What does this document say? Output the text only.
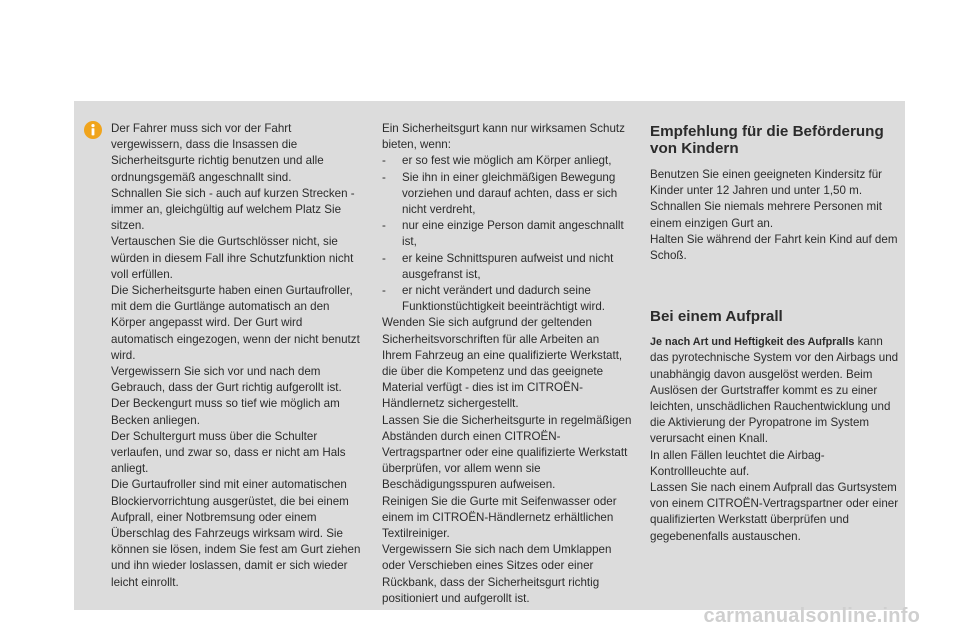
Der Fahrer muss sich vor der Fahrt vergewissern, dass die Insassen die Sicherheitsgurte richtig benutzen und alle ordnungsgemäß angeschnallt sind.

Schnallen Sie sich - auch auf kurzen Strecken - immer an, gleichgültig auf welchem Platz Sie sitzen.

Vertauschen Sie die Gurtschlösser nicht, sie würden in diesem Fall ihre Schutzfunktion nicht voll erfüllen.

Die Sicherheitsgurte haben einen Gurtaufroller, mit dem die Gurtlänge automatisch an den Körper angepasst wird. Der Gurt wird automatisch eingezogen, wenn der nicht benutzt wird.

Vergewissern Sie sich vor und nach dem Gebrauch, dass der Gurt richtig aufgerollt ist.

Der Beckengurt muss so tief wie möglich am Becken anliegen.

Der Schultergurt muss über die Schulter verlaufen, und zwar so, dass er nicht am Hals anliegt.

Die Gurtaufroller sind mit einer automatischen Blockiervorrichtung ausgerüstet, die bei einem Aufprall, einer Notbremsung oder einem Überschlag des Fahrzeugs wirksam wird. Sie können sie lösen, indem Sie fest am Gurt ziehen und ihn wieder loslassen, damit er sich wieder leicht einrollt.

Ein Sicherheitsgurt kann nur wirksamen Schutz bieten, wenn:

- er so fest wie möglich am Körper anliegt,
- Sie ihn in einer gleichmäßigen Bewegung vorziehen und darauf achten, dass er sich nicht verdreht,
- nur eine einzige Person damit angeschnallt ist,
- er keine Schnittspuren aufweist und nicht ausgefranst ist,
- er nicht verändert und dadurch seine Funktionstüchtigkeit beeinträchtigt wird.

Wenden Sie sich aufgrund der geltenden Sicherheitsvorschriften für alle Arbeiten an Ihrem Fahrzeug an eine qualifizierte Werkstatt, die über die Kompetenz und das geeignete Material verfügt - dies ist im CITROËN-Händlernetz sichergestellt.

Lassen Sie die Sicherheitsgurte in regelmäßigen Abständen durch einen CITROËN-Vertragspartner oder eine qualifizierte Werkstatt überprüfen, vor allem wenn sie Beschädigungsspuren aufweisen.

Reinigen Sie die Gurte mit Seifenwasser oder einem im CITROËN-Händlernetz erhältlichen Textilreiniger.

Vergewissern Sie sich nach dem Umklappen oder Verschieben eines Sitzes oder einer Rückbank, dass der Sicherheitsgurt richtig positioniert und aufgerollt ist.

Empfehlung für die Beförderung von Kindern

Benutzen Sie einen geeigneten Kindersitz für Kinder unter 12 Jahren und unter 1,50 m.

Schnallen Sie niemals mehrere Personen mit einem einzigen Gurt an.

Halten Sie während der Fahrt kein Kind auf dem Schoß.

Bei einem Aufprall

Je nach Art und Heftigkeit des Aufpralls kann das pyrotechnische System vor den Airbags und unabhängig davon ausgelöst werden. Beim Auslösen der Gurtstraffer kommt es zu einer leichten, unschädlichen Rauchentwicklung und die Aktivierung der Pyropatrone im System verursacht einen Knall.

In allen Fällen leuchtet die Airbag-Kontrollleuchte auf.

Lassen Sie nach einem Aufprall das Gurtsystem von einem CITROËN-Vertragspartner oder einer qualifizierten Werkstatt überprüfen und gegebenenfalls austauschen.

carmanualsonline.info
